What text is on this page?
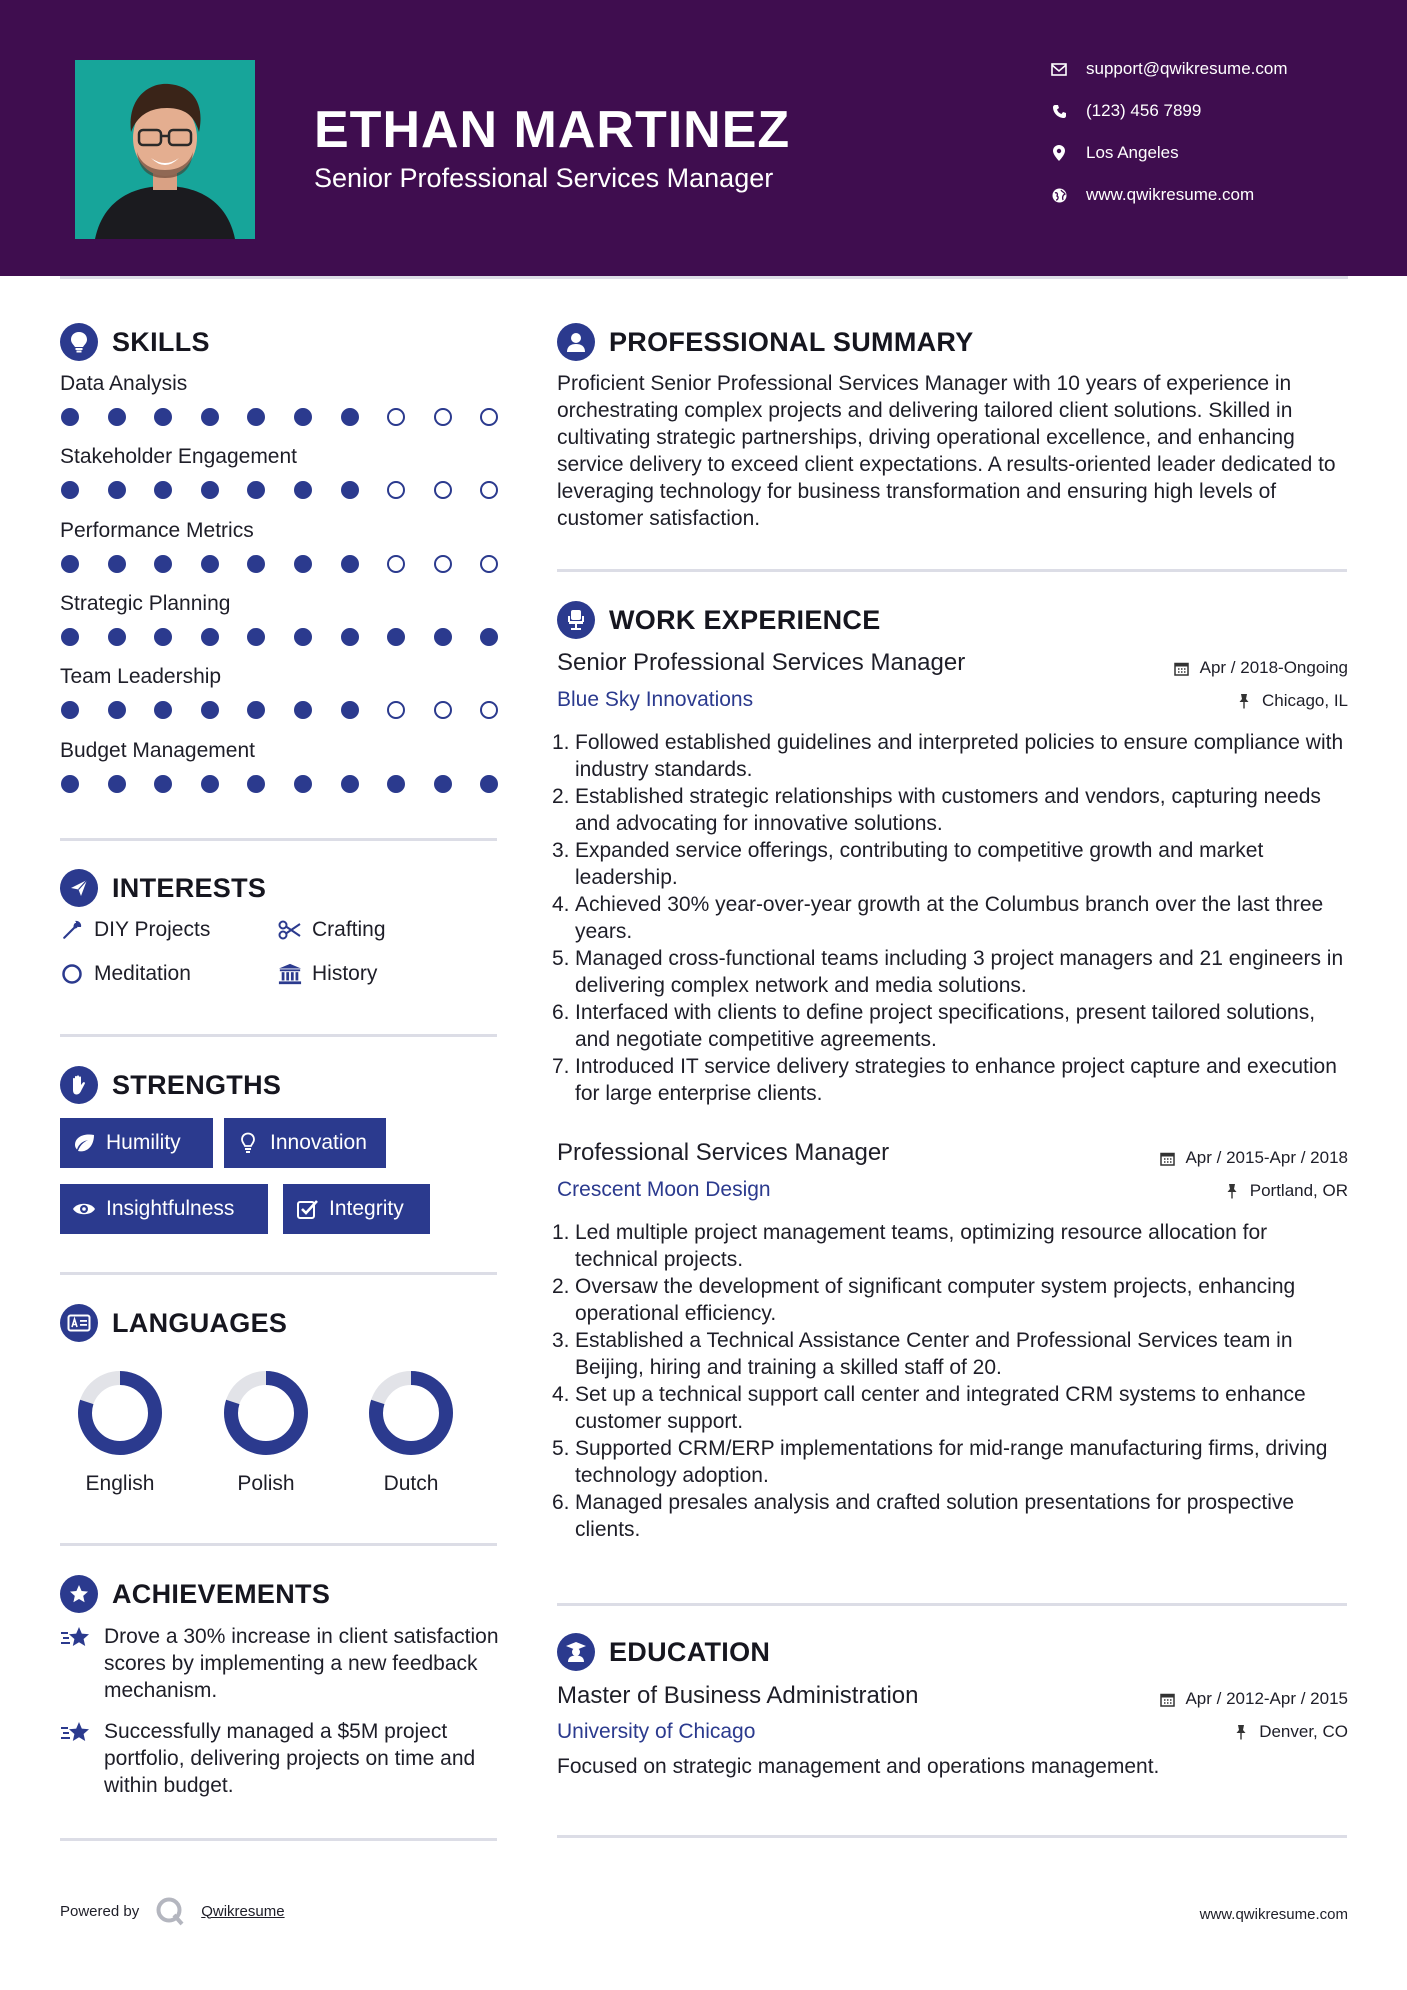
ETHAN MARTINEZ
Senior Professional Services Manager
support@qwikresume.com
(123) 456 7899
Los Angeles
www.qwikresume.com
SKILLS
Data Analysis
Stakeholder Engagement
Performance Metrics
Strategic Planning
Team Leadership
Budget Management
INTERESTS
DIY Projects	Crafting
Meditation	History
STRENGTHS
Humility	Innovation
Insightfulness	Integrity
LANGUAGES
English	Polish	Dutch
ACHIEVEMENTS
Drove a 30% increase in client satisfaction scores by implementing a new feedback mechanism.
Successfully managed a $5M project portfolio, delivering projects on time and within budget.
PROFESSIONAL SUMMARY
Proficient Senior Professional Services Manager with 10 years of experience in orchestrating complex projects and delivering tailored client solutions. Skilled in cultivating strategic partnerships, driving operational excellence, and enhancing service delivery to exceed client expectations. A results-oriented leader dedicated to leveraging technology for business transformation and ensuring high levels of customer satisfaction.
WORK EXPERIENCE
Senior Professional Services Manager	Apr / 2018-Ongoing
Blue Sky Innovations	Chicago, IL
1. Followed established guidelines and interpreted policies to ensure compliance with industry standards.
2. Established strategic relationships with customers and vendors, capturing needs and advocating for innovative solutions.
3. Expanded service offerings, contributing to competitive growth and market leadership.
4. Achieved 30% year-over-year growth at the Columbus branch over the last three years.
5. Managed cross-functional teams including 3 project managers and 21 engineers in delivering complex network and media solutions.
6. Interfaced with clients to define project specifications, present tailored solutions, and negotiate competitive agreements.
7. Introduced IT service delivery strategies to enhance project capture and execution for large enterprise clients.
Professional Services Manager	Apr / 2015-Apr / 2018
Crescent Moon Design	Portland, OR
1. Led multiple project management teams, optimizing resource allocation for technical projects.
2. Oversaw the development of significant computer system projects, enhancing operational efficiency.
3. Established a Technical Assistance Center and Professional Services team in Beijing, hiring and training a skilled staff of 20.
4. Set up a technical support call center and integrated CRM systems to enhance customer support.
5. Supported CRM/ERP implementations for mid-range manufacturing firms, driving technology adoption.
6. Managed presales analysis and crafted solution presentations for prospective clients.
EDUCATION
Master of Business Administration	Apr / 2012-Apr / 2015
University of Chicago	Denver, CO
Focused on strategic management and operations management.
Powered by	Qwikresume	www.qwikresume.com
